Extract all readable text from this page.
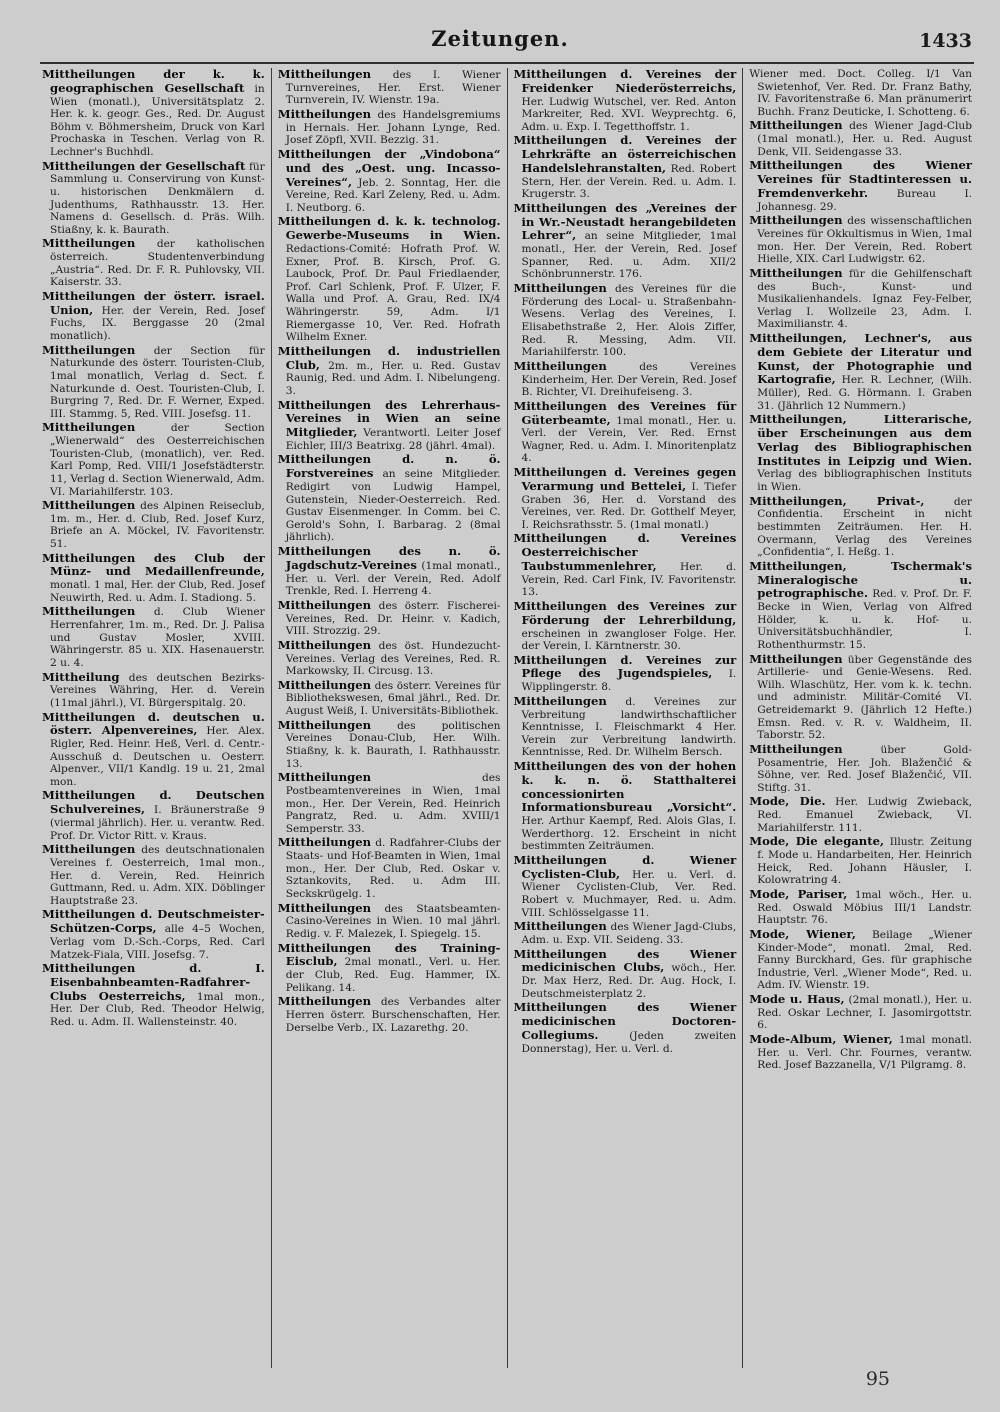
Zeitungen.	1433

Mittheilungen der k. k. geographischen Gesellschaft in Wien (monatl.), Universitätsplatz 2. Her. k. k. geogr. Ges., Red. Dr. August Böhm v. Böhmersheim, Druck von Karl Prochaska in Teschen. Verlag von R. Lechner's Buchhdl.

Mittheilungen der Gesellschaft für Sammlung u. Conservirung von Kunst- u. historischen Denkmälern d. Judenthums, Rathhausstr. 13. Her. Namens d. Gesellsch. d. Präs. Wilh. Stiaßny, k. k. Baurath.

Mittheilungen der katholischen österreich. Studentenverbindung „Austria“. Red. Dr. F. R. Puhlovsky, VII. Kaiserstr. 33.

Mittheilungen der österr. israel. Union, Her. der Verein, Red. Josef Fuchs, IX. Berggasse 20 (2mal monatlich).

Mittheilungen der Section für Naturkunde des österr. Touristen-Club, 1mal monatlich, Verlag d. Sect. f. Naturkunde d. Oest. Touristen-Club, I. Burgring 7, Red. Dr. F. Werner, Exped. III. Stammg. 5, Red. VIII. Josefsg. 11.

Mittheilungen	der Section „Wienerwald“ des Oesterreichischen Touristen-Club, (monatlich), ver. Red. Karl Pomp, Red. VIII/1 Josefstädterstr. 11, Verlag d. Section Wienerwald, Adm. VI. Mariahilferstr. 103.

Mittheilungen des Alpinen Reiseclub, 1m. m., Her. d. Club, Red. Josef Kurz, Briefe an A. Möckel, IV. Favoritenstr. 51.

Mittheilungen des Club der Münz- und Medaillenfreunde, monatl. 1 mal, Her. der Club, Red. Josef Neuwirth, Red. u. Adm. I. Stadiong. 5.

Mittheilungen d. Club Wiener Herrenfahrer, 1m. m., Red. Dr. J. Palisa und Gustav Mosler, XVIII. Währingerstr. 85 u. XIX. Hasenauerstr. 2 u. 4.

Mittheilung des deutschen Bezirks-Vereines Währing, Her. d. Verein (11mal jährl.), VI. Bürgerspitalg. 20.

Mittheilungen d. deutschen u. österr. Alpenvereines, Her. Alex. Rigler, Red. Heinr. Heß, Verl. d. Centr.-Ausschuß d. Deutschen u. Oesterr. Alpenver., VII/1 Kandlg. 19 u. 21, 2mal mon.

Mittheilungen d. Deutschen Schulvereines, I. Bräunerstraße 9 (viermal jährlich). Her. u. verantw. Red. Prof. Dr. Victor Ritt. v. Kraus.

Mittheilungen des deutschnationalen Vereines f. Oesterreich, 1mal mon., Her. d. Verein, Red. Heinrich Guttmann, Red. u. Adm. XIX. Döblinger Hauptstraße 23.

Mittheilungen d. Deutschmeister-Schützen-Corps, alle 4–5 Wochen, Verlag vom D.-Sch.-Corps, Red. Carl Matzek-Fiala, VIII. Josefsg. 7.

Mittheilungen d. I. Eisenbahnbeamten-Radfahrer-Clubs Oesterreichs, 1mal mon., Her. Der Club, Red. Theodor Helwig, Red. u. Adm. II. Wallensteinstr. 40.

Mittheilungen des I. Wiener Turnvereines, Her. Erst. Wiener Turnverein, IV. Wienstr. 19a.

Mittheilungen des Handelsgremiums in Hernals. Her. Johann Lynge, Red. Josef Zöpfl, XVII. Bezzig. 31.

Mittheilungen der „Vindobona“ und des „Oest. ung. Incasso-Vereines“, Jeb. 2. Sonntag, Her. die Vereine, Red. Karl Zeleny, Red. u. Adm. I. Neutborg. 6.

Mittheilungen d. k. k. technolog. Gewerbe-Museums in Wien. Redactions-Comité: Hofrath Prof. W. Exner, Prof. B. Kirsch, Prof. G. Laubock, Prof. Dr. Paul Friedlaender, Prof. Carl Schlenk, Prof. F. Ulzer, F. Walla und Prof. A. Grau, Red. IX/4 Währingerstr. 59, Adm. I/1 Riemergasse 10, Ver. Red. Hofrath Wilhelm Exner.

Mittheilungen d. industriellen Club, 2m. m., Her. u. Red. Gustav Raunig, Red. und Adm. I. Nibelungeng. 3.

Mittheilungen des Lehrerhaus-Vereines in Wien an seine Mitglieder, Verantwortl. Leiter Josef Eichler, III/3 Beatrixg. 28 (jährl. 4mal).

Mittheilungen d. n. ö. Forstvereines an seine Mitglieder. Redigirt von Ludwig Hampel, Gutenstein, Nieder-Oesterreich. Red. Gustav Eisenmenger. In Comm. bei C. Gerold's Sohn, I. Barbarag. 2 (8mal jährlich).

Mittheilungen des n. ö. Jagdschutz-Vereines (1mal monatl., Her. u. Verl. der Verein, Red. Adolf Trenkle, Red. I. Herreng 4.

Mittheilungen des österr. Fischerei-Vereines, Red. Dr. Heinr. v. Kadich, VIII. Strozzig. 29.

Mittheilungen des öst. Hundezucht-Vereines. Verlag des Vereines, Red. R. Markowsky, II. Circusg. 13.

Mittheilungen des österr. Vereines für Bibliothekswesen, 6mal jährl., Red. Dr. August Weiß, I. Universitäts-Bibliothek.

Mittheilungen des politischen Vereines Donau-Club, Her. Wilh. Stiaßny, k. k. Baurath, I. Rathhausstr. 13.

Mittheilungen	des Postbeamtenvereines in Wien, 1mal mon., Her. Der Verein, Red. Heinrich Pangratz, Red. u. Adm. XVIII/1 Semperstr. 33.

Mittheilungen d. Radfahrer-Clubs der Staats- und Hof-Beamten in Wien, 1mal mon., Her. Der Club, Red. Oskar v. Sztankovits, Red. u. Adm III. Seckskrügelg. 1.

Mittheilungen des Staatsbeamten-Casino-Vereines in Wien. 10 mal jährl. Redig. v. F. Malezek, I. Spiegelg. 15.

Mittheilungen des Training-Eisclub, 2mal monatl., Verl. u. Her. der Club, Red. Eug. Hammer, IX. Pelikang. 14.

Mittheilungen des Verbandes alter Herren österr. Burschenschaften, Her. Derselbe Verb., IX. Lazarethg. 20.

Mittheilungen d. Vereines der Freidenker Niederösterreichs, Her. Ludwig Wutschel, ver. Red. Anton Markreiter, Red. XVI. Weyprechtg. 6, Adm. u. Exp. I. Tegetthoffstr. 1.

Mittheilungen d. Vereines der Lehrkräfte an österreichischen Handelslehranstalten, Red. Robert Stern, Her. der Verein. Red. u. Adm. I. Krugerstr. 3.

Mittheilungen des „Vereines der in Wr.-Neustadt herangebildeten Lehrer“, an seine Mitglieder, 1mal monatl., Her. der Verein, Red. Josef Spanner, Red. u. Adm. XII/2 Schönbrunnerstr. 176.

Mittheilungen des Vereines für die Förderung des Local- u. Straßenbahn-Wesens. Verlag des Vereines, I. Elisabethstraße 2, Her. Alois Ziffer, Red. R. Messing, Adm. VII. Mariahilferstr. 100.

Mittheilungen	des Vereines Kinderheim, Her. Der Verein, Red. Josef B. Richter, VI. Dreihufeiseng. 3.

Mittheilungen des Vereines für Güterbeamte, 1mal monatl., Her. u. Verl. der Verein, Ver. Red. Ernst Wagner, Red. u. Adm. I. Minoritenplatz 4.

Mittheilungen d. Vereines gegen Verarmung und Bettelei, I. Tiefer Graben 36, Her. d. Vorstand des Vereines, ver. Red. Dr. Gotthelf Meyer, I. Reichsrathsstr. 5. (1mal monatl.)

Mittheilungen d. Vereines Oesterreichischer Taubstummenlehrer, Her. d. Verein, Red. Carl Fink, IV. Favoritenstr. 13.

Mittheilungen des Vereines zur Förderung der Lehrerbildung, erscheinen in zwangloser Folge. Her. der Verein, I. Kärntnerstr. 30.

Mittheilungen d. Vereines zur Pflege des Jugendspieles, I. Wipplingerstr. 8.

Mittheilungen d. Vereines zur Verbreitung landwirthschaftlicher Kenntnisse, I. Fleischmarkt 4 Her. Verein zur Verbreitung landwirth. Kenntnisse, Red. Dr. Wilhelm Bersch.

Mittheilungen des von der hohen k. k. n. ö. Statthalterei concessionirten Informationsbureau „Vorsicht“. Her. Arthur Kaempf, Red. Alois Glas, I. Werderthorg. 12. Erscheint in nicht bestimmten Zeiträumen.

Mittheilungen d. Wiener Cyclisten-Club, Her. u. Verl. d. Wiener Cyclisten-Club, Ver. Red. Robert v. Muchmayer, Red. u. Adm. VIII. Schlösselgasse 11.

Mittheilungen des Wiener Jagd-Clubs, Adm. u. Exp. VII. Seideng. 33.

Mittheilungen des Wiener medicinischen Clubs, wöch., Her. Dr. Max Herz, Red. Dr. Aug. Hock, I. Deutschmeisterplatz 2.

Mittheilungen des Wiener medicinischen Doctoren-Collegiums.	(Jeden zweiten Donnerstag), Her. u. Verl. d.

Wiener med. Doct. Colleg. I/1 Van Swietenhof, Ver. Red. Dr. Franz Bathy, IV. Favoritenstraße 6. Man pränumerirt Buchh. Franz Deuticke, I. Schotteng. 6.

Mittheilungen des Wiener Jagd-Club (1mal monatl.), Her. u. Red. August Denk, VII. Seidengasse 33.

Mittheilungen des Wiener Vereines für Stadtinteressen u. Fremdenverkehr.	Bureau I. Johannesg. 29.

Mittheilungen des wissenschaftlichen Vereines für Okkultismus in Wien, 1mal mon. Her. Der Verein, Red. Robert Hielle, XIX. Carl Ludwigstr. 62.

Mittheilungen für die Gehilfenschaft des Buch-, Kunst- und Musikalienhandels. Ignaz Fey-Felber, Verlag I. Wollzeile 23, Adm. I. Maximilianstr. 4.

Mittheilungen, Lechner's, aus dem Gebiete der Literatur und Kunst, der Photographie und Kartografie, Her. R. Lechner, (Wilh. Müller), Red. G. Hörmann. I. Graben 31. (Jährlich 12 Nummern.)

Mittheilungen, Litterarische, über Erscheinungen aus dem Verlag des Bibliographischen Institutes in Leipzig und Wien. Verlag des bibliographischen Instituts in Wien.

Mittheilungen, Privat-,	der Confidentia. Erscheint in nicht bestimmten Zeiträumen. Her. H. Overmann, Verlag des Vereines „Confidentia“, I. Heßg. 1.

Mittheilungen, Tschermak's Mineralogische u. petrographische. Red. v. Prof. Dr. F. Becke in Wien, Verlag von Alfred Hölder, k. u. k. Hof- u. Universitätsbuchhändler, I. Rothenthurmstr. 15.

Mittheilungen über Gegenstände des Artillerie- und Genie-Wesens. Red. Wilh. Wlaschütz, Her. vom k. k. techn. und administr. Militär-Comité VI. Getreidemarkt 9. (Jährlich 12 Hefte.) Emsn. Red. v. R. v. Waldheim, II. Taborstr. 52.

Mittheilungen	über Gold-Posamentrie, Her. Joh. Blaženčić & Söhne, ver. Red. Josef Blaženčić, VII. Stiftg. 31.

Mode, Die. Her. Ludwig Zwieback, Red. Emanuel Zwieback, VI. Mariahilferstr. 111.

Mode, Die elegante, Illustr. Zeitung f. Mode u. Handarbeiten, Her. Heinrich Heick, Red. Johann Häusler, I. Kolowratring 4.

Mode, Pariser, 1mal wöch., Her. u. Red. Oswald Möbius III/1 Landstr. Hauptstr. 76.

Mode, Wiener, Beilage „Wiener Kinder-Mode“, monatl. 2mal, Red. Fanny Burckhard, Ges. für graphische Industrie, Verl. „Wiener Mode“, Red. u. Adm. IV. Wienstr. 19.

Mode u. Haus, (2mal monatl.), Her. u. Red. Oskar Lechner, I. Jasomirgottstr. 6.

Mode-Album, Wiener, 1mal monatl. Her. u. Verl. Chr. Fournes, verantw. Red. Josef Bazzanella, V/1 Pilgramg. 8.

95
